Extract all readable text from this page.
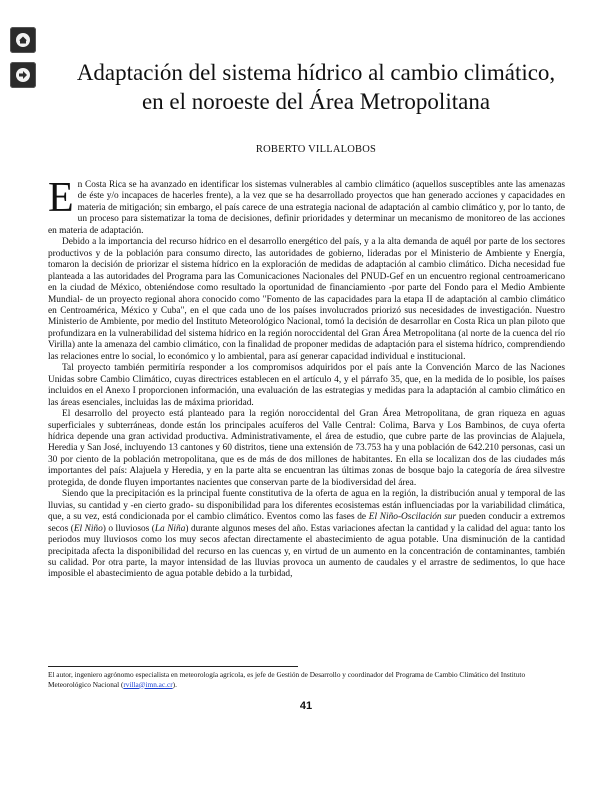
Adaptación del sistema hídrico al cambio climático,
en el noroeste del Área Metropolitana
ROBERTO VILLALOBOS

En Costa Rica se ha avanzado en identificar los sistemas vulnerables al cambio climático (aquellos susceptibles ante las amenazas de éste y/o incapaces de hacerles frente), a la vez que se ha desarrollado proyectos que han generado acciones y capacidades en materia de mitigación; sin embargo, el país carece de una estrategia nacional de adaptación al cambio climático y, por lo tanto, de un proceso para sistematizar la toma de decisiones, definir prioridades y determinar un mecanismo de monitoreo de las acciones en materia de adaptación.

Debido a la importancia del recurso hídrico en el desarrollo energético del país, y a la alta demanda de aquél por parte de los sectores productivos y de la población para consumo directo, las autoridades de gobierno, lideradas por el Ministerio de Ambiente y Energía, tomaron la decisión de priorizar el sistema hídrico en la exploración de medidas de adaptación al cambio climático. Dicha necesidad fue planteada a las autoridades del Programa para las Comunicaciones Nacionales del PNUD-Gef en un encuentro regional centroamericano en la ciudad de México, obteniéndose como resultado la oportunidad de financiamiento -por parte del Fondo para el Medio Ambiente Mundial- de un proyecto regional ahora conocido como "Fomento de las capacidades para la etapa II de adaptación al cambio climático en Centroamérica, México y Cuba", en el que cada uno de los países involucrados priorizó sus necesidades de investigación. Nuestro Ministerio de Ambiente, por medio del Instituto Meteorológico Nacional, tomó la decisión de desarrollar en Costa Rica un plan piloto que profundizara en la vulnerabilidad del sistema hídrico en la región noroccidental del Gran Área Metropolitana (al norte de la cuenca del río Virilla) ante la amenaza del cambio climático, con la finalidad de proponer medidas de adaptación para el sistema hídrico, comprendiendo las relaciones entre lo social, lo económico y lo ambiental, para así generar capacidad individual e institucional.

Tal proyecto también permitiría responder a los compromisos adquiridos por el país ante la Convención Marco de las Naciones Unidas sobre Cambio Climático, cuyas directrices establecen en el artículo 4, y el párrafo 35, que, en la medida de lo posible, los países incluidos en el Anexo I proporcionen información, una evaluación de las estrategias y medidas para la adaptación al cambio climático en las áreas esenciales, incluidas las de máxima prioridad.

El desarrollo del proyecto está planteado para la región noroccidental del Gran Área Metropolitana, de gran riqueza en aguas superficiales y subterráneas, donde están los principales acuíferos del Valle Central: Colima, Barva y Los Bambinos, de cuya oferta hídrica depende una gran actividad productiva. Administrativamente, el área de estudio, que cubre parte de las provincias de Alajuela, Heredia y San José, incluyendo 13 cantones y 60 distritos, tiene una extensión de 73.753 ha y una población de 642.210 personas, casi un 30 por ciento de la población metropolitana, que es de más de dos millones de habitantes. En ella se localizan dos de las ciudades más importantes del país: Alajuela y Heredia, y en la parte alta se encuentran las últimas zonas de bosque bajo la categoría de área silvestre protegida, de donde fluyen importantes nacientes que conservan parte de la biodiversidad del área.

Siendo que la precipitación es la principal fuente constitutiva de la oferta de agua en la región, la distribución anual y temporal de las lluvias, su cantidad y -en cierto grado- su disponibilidad para los diferentes ecosistemas están influenciadas por la variabilidad climática, que, a su vez, está condicionada por el cambio climático. Eventos como las fases de El Niño-Oscilación sur pueden conducir a extremos secos (El Niño) o lluviosos (La Niña) durante algunos meses del año. Estas variaciones afectan la cantidad y la calidad del agua: tanto los periodos muy lluviosos como los muy secos afectan directamente el abastecimiento de agua potable. Una disminución de la cantidad precipitada afecta la disponibilidad del recurso en las cuencas y, en virtud de un aumento en la concentración de contaminantes, también su calidad. Por otra parte, la mayor intensidad de las lluvias provoca un aumento de caudales y el arrastre de sedimentos, lo que hace imposible el abastecimiento de agua potable debido a la turbidad,

El autor, ingeniero agrónomo especialista en meteorología agrícola, es jefe de Gestión de Desarrollo y coordinador del Programa de Cambio Climático del Instituto Meteorológico Nacional (rvilla@imn.ac.cr).
41
